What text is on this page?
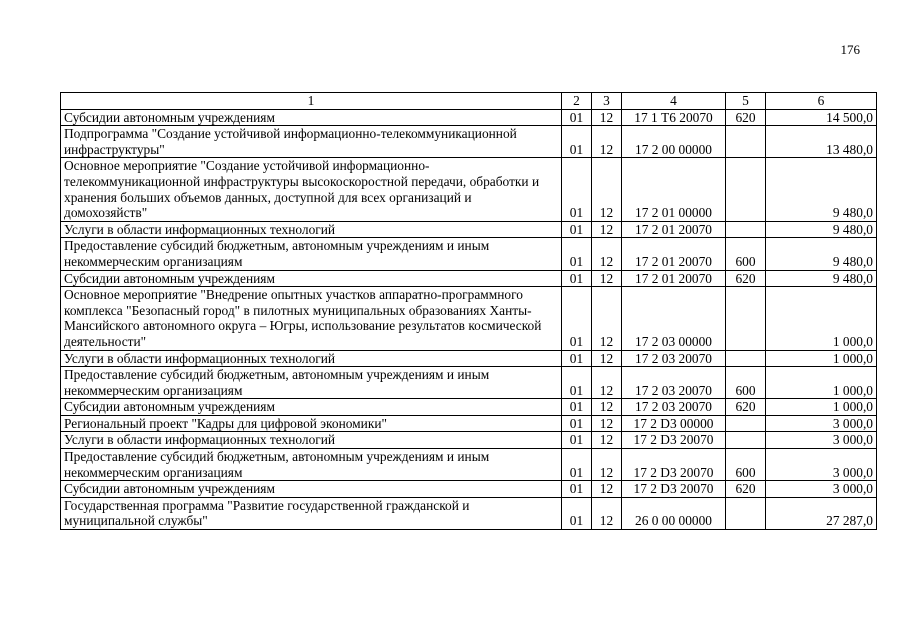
176
1	2	3	4	5	6
Субсидии автономным учреждениям	01	12	17 1 Т6 20070	620	14 500,0
Подпрограмма "Создание устойчивой информационно-телекоммуникационной инфраструктуры"	01	12	17 2 00 00000		13 480,0
Основное мероприятие "Создание устойчивой информационно-телекоммуникационной инфраструктуры высокоскоростной передачи, обработки и хранения больших объемов данных, доступной для всех организаций и домохозяйств"	01	12	17 2 01 00000		9 480,0
Услуги в области информационных технологий	01	12	17 2 01 20070		9 480,0
Предоставление субсидий бюджетным, автономным учреждениям и иным некоммерческим организациям	01	12	17 2 01 20070	600	9 480,0
Субсидии автономным учреждениям	01	12	17 2 01 20070	620	9 480,0
Основное мероприятие "Внедрение опытных участков аппаратно-программного комплекса "Безопасный город" в пилотных муниципальных образованиях Ханты-Мансийского автономного округа – Югры, использование результатов космической деятельности"	01	12	17 2 03 00000		1 000,0
Услуги в области информационных технологий	01	12	17 2 03 20070		1 000,0
Предоставление субсидий бюджетным, автономным учреждениям и иным некоммерческим организациям	01	12	17 2 03 20070	600	1 000,0
Субсидии автономным учреждениям	01	12	17 2 03 20070	620	1 000,0
Региональный проект "Кадры для цифровой экономики"	01	12	17 2 D3 00000		3 000,0
Услуги в области информационных технологий	01	12	17 2 D3 20070		3 000,0
Предоставление субсидий бюджетным, автономным учреждениям и иным некоммерческим организациям	01	12	17 2 D3 20070	600	3 000,0
Субсидии автономным учреждениям	01	12	17 2 D3 20070	620	3 000,0
Государственная программа "Развитие государственной гражданской и муниципальной службы"	01	12	26 0 00 00000		27 287,0
